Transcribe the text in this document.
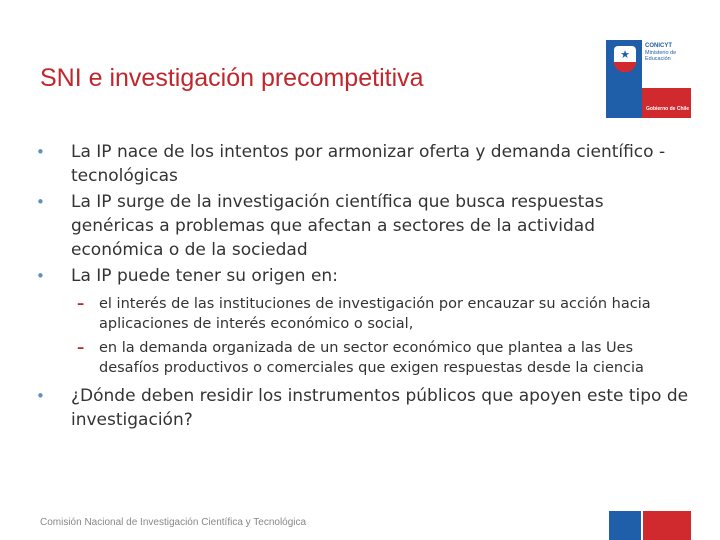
SNI e investigación precompetitiva
★
CONICYT
Ministerio de Educación
Gobierno de Chile
• La IP nace de los intentos por armonizar oferta y demanda científico -tecnológicas
• La IP surge de la investigación científica que busca respuestas genéricas a problemas que afectan a sectores de la actividad económica o de la sociedad
• La IP puede tener su origen en:
– el interés de las instituciones de investigación por encauzar su acción hacia aplicaciones de interés económico o social,
– en la demanda organizada de un sector económico que plantea a las Ues desafíos productivos o comerciales que exigen respuestas desde la ciencia
• ¿Dónde deben residir los instrumentos públicos que apoyen este tipo de investigación?
Comisión Nacional de Investigación Científica y Tecnológica
